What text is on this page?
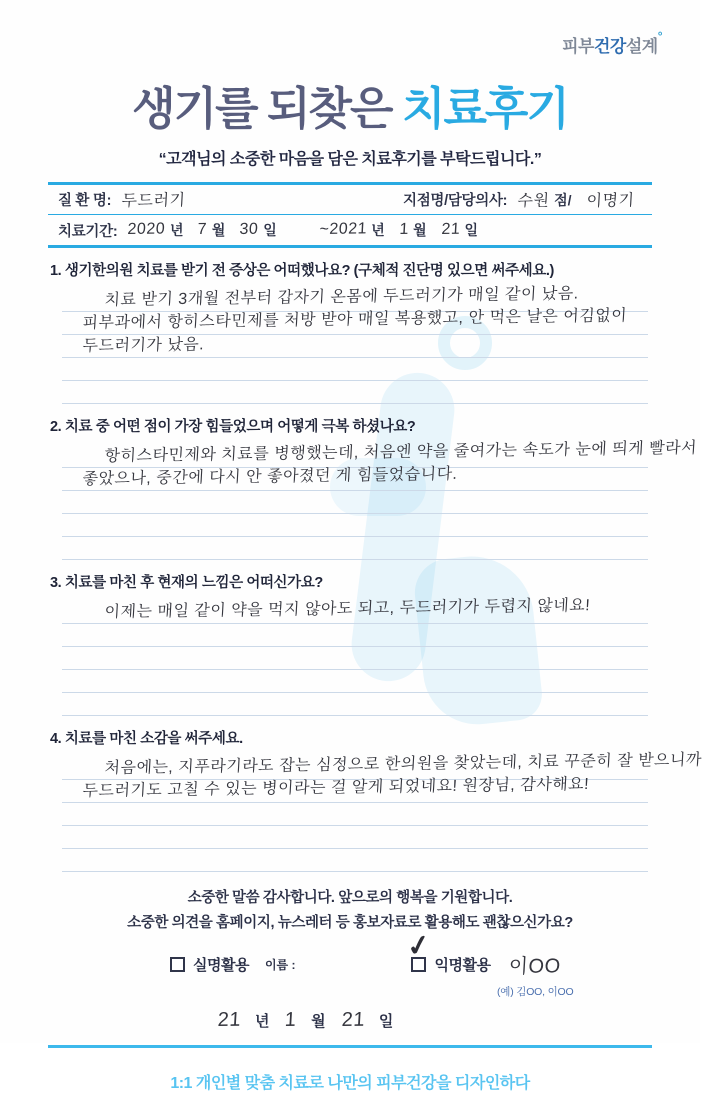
피부건강설계°
생기를 되찾은 치료후기
“고객님의 소중한 마음을 담은 치료후기를 부탁드립니다.”
질 환 명: 두드러기	지점명/담당의사: 수원 점/ 이명기
치료기간: 2020 년 7 월 30 일	~2021 년 1 월 21 일
1. 생기한의원 치료를 받기 전 증상은 어떠했나요? (구체적 진단명 있으면 써주세요.)
치료 받기 3개월 전부터 갑자기 온몸에 두드러기가 매일 같이 났음.
피부과에서 항히스타민제를 처방 받아 매일 복용했고, 안 먹은 날은 어김없이
두드러기가 났음.
2. 치료 중 어떤 점이 가장 힘들었으며 어떻게 극복 하셨나요?
항히스타민제와 치료를 병행했는데, 처음엔 약을 줄여가는 속도가 눈에 띄게 빨라서
좋았으나, 중간에 다시 안 좋아졌던 게 힘들었습니다.
3. 치료를 마친 후 현재의 느낌은 어떠신가요?
이제는 매일 같이 약을 먹지 않아도 되고, 두드러기가 두렵지 않네요!
4. 치료를 마친 소감을 써주세요.
처음에는, 지푸라기라도 잡는 심정으로 한의원을 찾았는데, 치료 꾸준히 잘 받으니까
두드러기도 고칠 수 있는 병이라는 걸 알게 되었네요! 원장님, 감사해요!
소중한 말씀 감사합니다. 앞으로의 행복을 기원합니다.
소중한 의견을 홈페이지, 뉴스레터 등 홍보자료로 활용해도 괜찮으신가요?
실명활용 이름 :
✓
익명활용 이OO
(예) 김OO, 이OO
21 년 1 월 21 일
1:1 개인별 맞춤 치료로 나만의 피부건강을 디자인하다
